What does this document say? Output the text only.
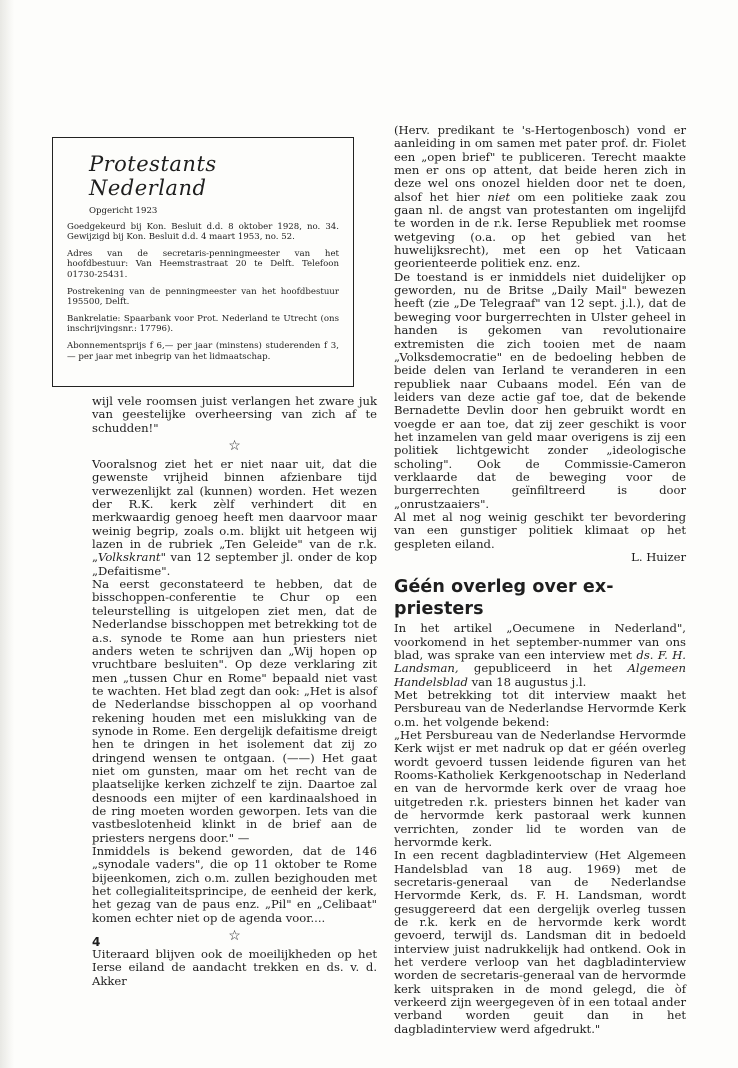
Protestants Nederland

Opgericht 1923

Goedgekeurd bij Kon. Besluit d.d. 8 oktober 1928, no. 34. Gewijzigd bij Kon. Besluit d.d. 4 maart 1953, no. 52.

Adres van de secretaris-penningmeester van het hoofdbestuur: Van Heemstrastraat 20 te Delft. Telefoon 01730-25431.

Postrekening van de penningmeester van het hoofdbestuur 195500, Delft.

Bankrelatie: Spaarbank voor Prot. Nederland te Utrecht (ons inschrijvingsnr.: 17796).

Abonnementsprijs f 6,— per jaar (minstens) studerenden f 3,— per jaar met inbegrip van het lidmaatschap.

wijl vele roomsen juist verlangen het zware juk van geestelijke overheersing van zich af te schudden!"

☆

Vooralsnog ziet het er niet naar uit, dat die gewenste vrijheid binnen afzienbare tijd verwezenlijkt zal (kunnen) worden. Het wezen der R.K. kerk zèlf verhindert dit en merkwaardig genoeg heeft men daarvoor maar weinig begrip, zoals o.m. blijkt uit hetgeen wij lazen in de rubriek „Ten Geleide" van de r.k. „Volkskrant" van 12 september jl. onder de kop „Defaitisme".

Na eerst geconstateerd te hebben, dat de bisschoppen-conferentie te Chur op een teleurstelling is uitgelopen ziet men, dat de Nederlandse bisschoppen met betrekking tot de a.s. synode te Rome aan hun priesters niet anders weten te schrijven dan „Wij hopen op vruchtbare besluiten". Op deze verklaring zit men „tussen Chur en Rome" bepaald niet vast te wachten. Het blad zegt dan ook: „Het is alsof de Nederlandse bisschoppen al op voorhand rekening houden met een mislukking van de synode in Rome. Een dergelijk defaitisme dreigt hen te dringen in het isolement dat zij zo dringend wensen te ontgaan. (——) Het gaat niet om gunsten, maar om het recht van de plaatselijke kerken zichzelf te zijn. Daartoe zal desnoods een mijter of een kardinaalshoed in de ring moeten worden geworpen. Iets van die vastbeslotenheid klinkt in de brief aan de priesters nergens door." —

Inmiddels is bekend geworden, dat de 146 „synodale vaders", die op 11 oktober te Rome bijeenkomen, zich o.m. zullen bezighouden met het collegialiteitsprincipe, de eenheid der kerk, het gezag van de paus enz. „Pil" en „Celibaat" komen echter niet op de agenda voor....

☆

Uiteraard blijven ook de moeilijkheden op het Ierse eiland de aandacht trekken en ds. v. d. Akker

(Herv. predikant te 's-Hertogenbosch) vond er aanleiding in om samen met pater prof. dr. Fiolet een „open brief" te publiceren. Terecht maakte men er ons op attent, dat beide heren zich in deze wel ons onozel hielden door net te doen, alsof het hier niet om een politieke zaak zou gaan nl. de angst van protestanten om ingelijfd te worden in de r.k. Ierse Republiek met roomse wetgeving (o.a. op het gebied van het huwelijksrecht), met een op het Vaticaan georienteerde politiek enz. enz.

De toestand is er inmiddels niet duidelijker op geworden, nu de Britse „Daily Mail" bewezen heeft (zie „De Telegraaf" van 12 sept. j.l.), dat de beweging voor burgerrechten in Ulster geheel in handen is gekomen van revolutionaire extremisten die zich tooien met de naam „Volksdemocratie" en de bedoeling hebben de beide delen van Ierland te veranderen in een republiek naar Cubaans model. Eén van de leiders van deze actie gaf toe, dat de bekende Bernadette Devlin door hen gebruikt wordt en voegde er aan toe, dat zij zeer geschikt is voor het inzamelen van geld maar overigens is zij een politiek lichtgewicht zonder „ideologische scholing". Ook de Commissie-Cameron verklaarde dat de beweging voor de burgerrechten geïnfiltreerd is door „onrustzaaiers".

Al met al nog weinig geschikt ter bevordering van een gunstiger politiek klimaat op het gespleten eiland.

L. Huizer

Géén overleg over ex-priesters

In het artikel „Oecumene in Nederland", voorkomend in het september-nummer van ons blad, was sprake van een interview met ds. F. H. Landsman, gepubliceerd in het Algemeen Handelsblad van 18 augustus j.l.

Met betrekking tot dit interview maakt het Persbureau van de Nederlandse Hervormde Kerk o.m. het volgende bekend:

„Het Persbureau van de Nederlandse Hervormde Kerk wijst er met nadruk op dat er géén overleg wordt gevoerd tussen leidende figuren van het Rooms-Katholiek Kerkgenootschap in Nederland en van de hervormde kerk over de vraag hoe uitgetreden r.k. priesters binnen het kader van de hervormde kerk pastoraal werk kunnen verrichten, zonder lid te worden van de hervormde kerk.

In een recent dagbladinterview (Het Algemeen Handelsblad van 18 aug. 1969) met de secretaris-generaal van de Nederlandse Hervormde Kerk, ds. F. H. Landsman, wordt gesuggereerd dat een dergelijk overleg tussen de r.k. kerk en de hervormde kerk wordt gevoerd, terwijl ds. Landsman dit in bedoeld interview juist nadrukkelijk had ontkend. Ook in het verdere verloop van het dagbladinterview worden de secretaris-generaal van de hervormde kerk uitspraken in de mond gelegd, die òf verkeerd zijn weergegeven òf in een totaal ander verband worden geuit dan in het dagbladinterview werd afgedrukt."

4
